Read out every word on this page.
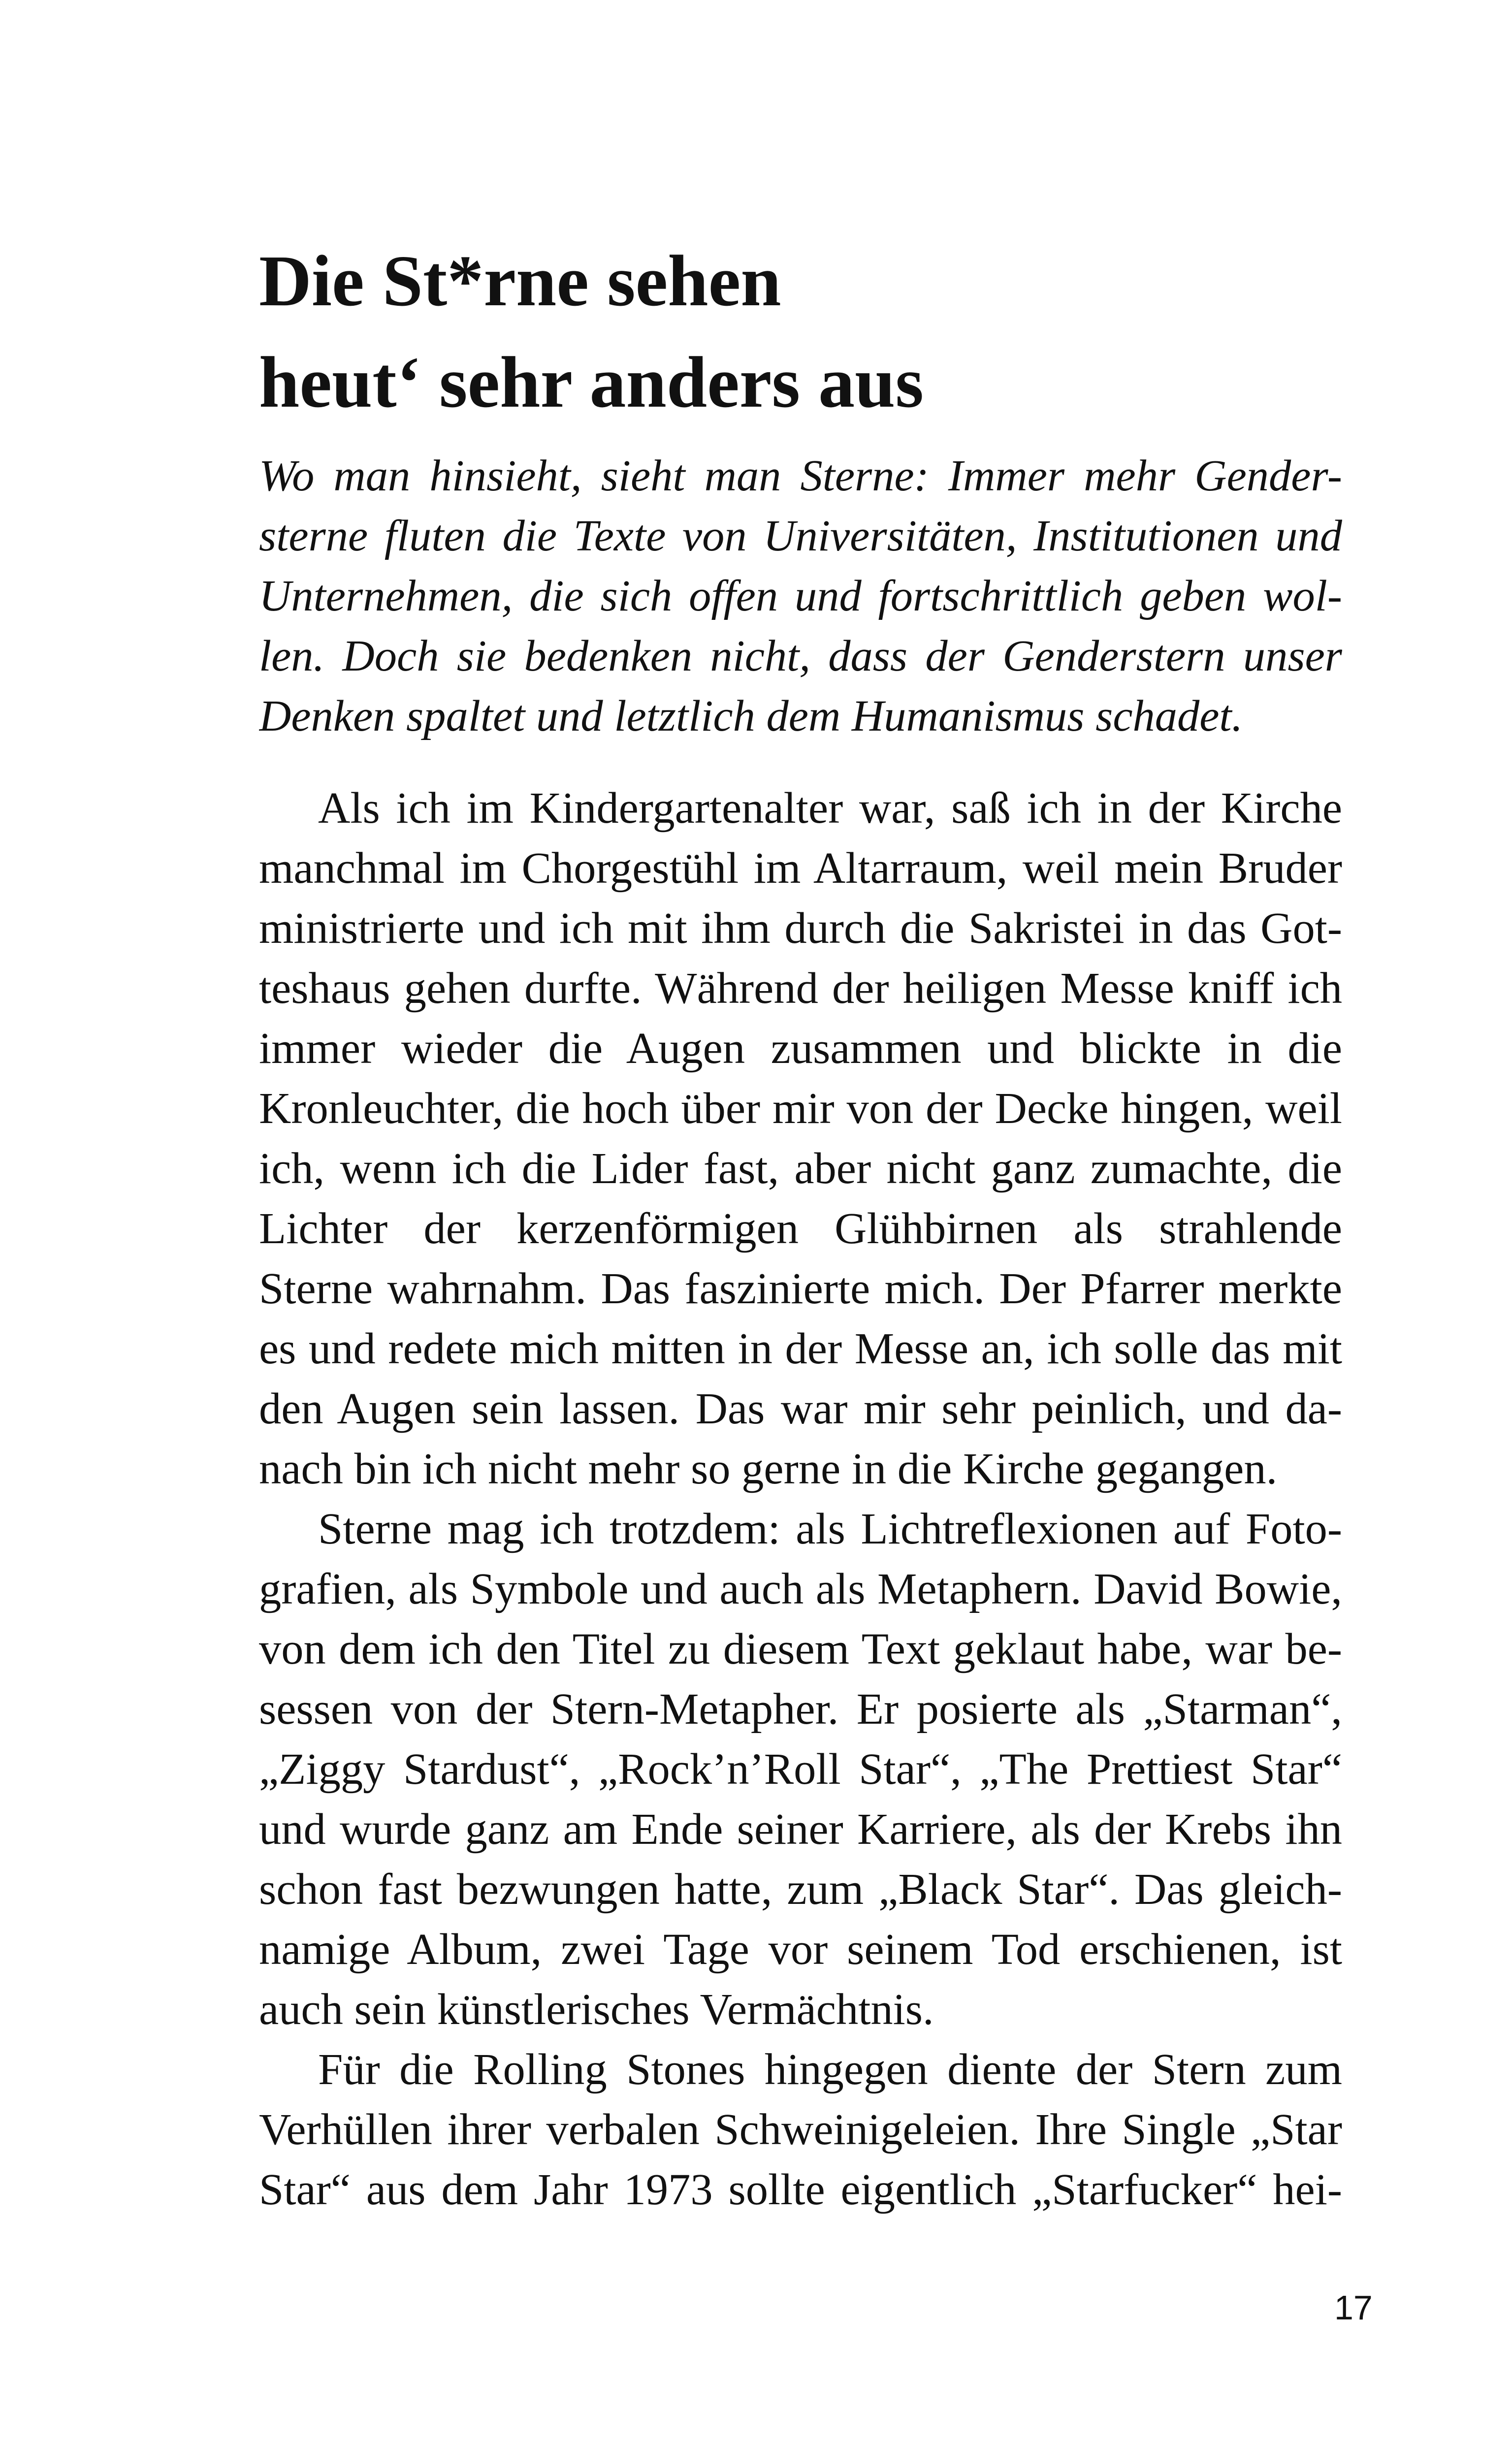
Die St*rne sehen
heut‘ sehr anders aus
Wo man hinsieht, sieht man Sterne: Immer mehr Gender-
sterne fluten die Texte von Universitäten, Institutionen und
Unternehmen, die sich offen und fortschrittlich geben wol-
len. Doch sie bedenken nicht, dass der Genderstern unser
Denken spaltet und letztlich dem Humanismus schadet.
Als ich im Kindergartenalter war, saß ich in der Kirche
manchmal im Chorgestühl im Altarraum, weil mein Bruder
ministrierte und ich mit ihm durch die Sakristei in das Got-
teshaus gehen durfte. Während der heiligen Messe kniff ich
immer wieder die Augen zusammen und blickte in die
Kronleuchter, die hoch über mir von der Decke hingen, weil
ich, wenn ich die Lider fast, aber nicht ganz zumachte, die
Lichter der kerzenförmigen Glühbirnen als strahlende
Sterne wahrnahm. Das faszinierte mich. Der Pfarrer merkte
es und redete mich mitten in der Messe an, ich solle das mit
den Augen sein lassen. Das war mir sehr peinlich, und da-
nach bin ich nicht mehr so gerne in die Kirche gegangen.
Sterne mag ich trotzdem: als Lichtreflexionen auf Foto-
grafien, als Symbole und auch als Metaphern. David Bowie,
von dem ich den Titel zu diesem Text geklaut habe, war be-
sessen von der Stern-Metapher. Er posierte als „Starman“,
„Ziggy Stardust“, „Rock’n’Roll Star“, „The Prettiest Star“
und wurde ganz am Ende seiner Karriere, als der Krebs ihn
schon fast bezwungen hatte, zum „Black Star“. Das gleich-
namige Album, zwei Tage vor seinem Tod erschienen, ist
auch sein künstlerisches Vermächtnis.
Für die Rolling Stones hingegen diente der Stern zum
Verhüllen ihrer verbalen Schweinigeleien. Ihre Single „Star
Star“ aus dem Jahr 1973 sollte eigentlich „Starfucker“ hei-
17
